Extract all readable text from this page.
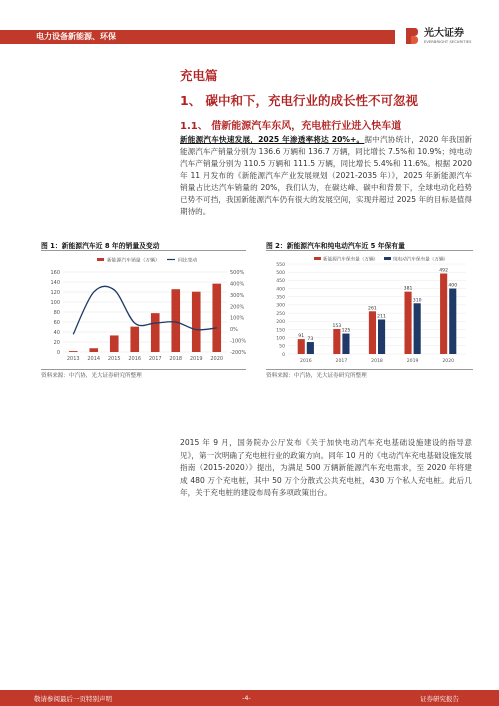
电力设备新能源、环保	光大证券
EVERBRIGHT SECURITIES
充电篇
1、 碳中和下，充电行业的成长性不可忽视
1.1、 借新能源汽车东风，充电桩行业进入快车道
新能源汽车快速发展，2025 年渗透率将达 20%+。据中汽协统计，2020 年我国新能源汽车产销量分别为 136.6 万辆和 136.7 万辆，同比增长 7.5%和 10.9%；纯电动汽车产销量分别为 110.5 万辆和 111.5 万辆，同比增长 5.4%和 11.6%。根据 2020 年 11 月发布的《新能源汽车产业发展规划（2021-2035 年）》，2025 年新能源汽车销量占比达汽车销量的 20%，我们认为，在碳达峰、碳中和背景下，全球电动化趋势已势不可挡，我国新能源汽车仍有很大的发展空间，实现并超过 2025 年的目标是值得期待的。
图 1：新能源汽车近 8 年的销量及变动	图 2：新能源汽车和纯电动汽车近 5 年保有量
0
20
40
60
80
100
120
140
160
-200%
-100%
0%
100%
200%
300%
400%
500%
2013 2014 2015 2016 2017 2018 2019 2020
新能源汽车销量（万辆）	同比变动
0
50
100
150
200
250
300
350
400
450
500
550
91
153
261
381
492
73
125
211
310
400
2016	2017	2018	2019	2020
新能源汽车保有量（万辆）	纯电动汽车保有量（万辆）
资料来源：中汽协，光大证券研究所整理	资料来源：中汽协，光大证券研究所整理
2015 年 9 月，国务院办公厅发布《关于加快电动汽车充电基础设施建设的指导意见》，第一次明确了充电桩行业的政策方向。同年 10 月的《电动汽车充电基础设施发展指南（2015-2020）》提出，为满足 500 万辆新能源汽车充电需求，至 2020 年将建成 480 万个充电桩，其中 50 万个分散式公共充电桩，430 万个私人充电桩。此后几年，关于充电桩的建设布局有多项政策出台。
敬请参阅最后一页特别声明	-4-	证券研究报告
